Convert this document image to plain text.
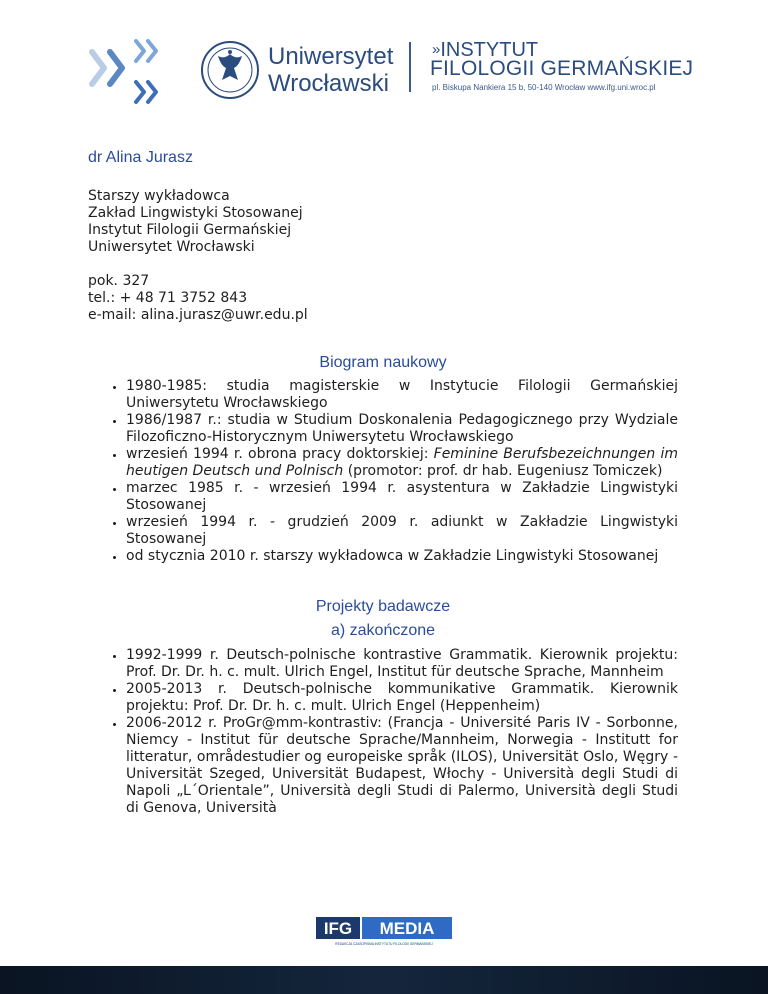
Uniwersytet
Wrocławski
»INSTYTUT
FILOLOGII GERMAŃSKIEJ
pl. Biskupa Nankiera 15 b, 50-140 Wrocław www.ifg.uni.wroc.pl
dr Alina Jurasz
Starszy wykładowca
Zakład Lingwistyki Stosowanej
Instytut Filologii Germańskiej
Uniwersytet Wrocławski
pok. 327
tel.: + 48 71 3752 843
e-mail: alina.jurasz@uwr.edu.pl
Biogram naukowy
• 1980-1985: studia magisterskie w Instytucie Filologii Germańskiej Uniwersytetu Wrocławskiego
• 1986/1987 r.: studia w Studium Doskonalenia Pedagogicznego przy Wydziale Filozoficzno-Historycznym Uniwersytetu Wrocławskiego
• wrzesień 1994 r. obrona pracy doktorskiej: Feminine Berufsbezeichnungen im heutigen Deutsch und Polnisch (promotor: prof. dr hab. Eugeniusz Tomiczek)
• marzec 1985 r. - wrzesień 1994 r. asystentura w Zakładzie Lingwistyki Stosowanej
• wrzesień 1994 r. - grudzień 2009 r. adiunkt w Zakładzie Lingwistyki Stosowanej
• od stycznia 2010 r. starszy wykładowca w Zakładzie Lingwistyki Stosowanej
Projekty badawcze
a) zakończone
• 1992-1999 r. Deutsch-polnische kontrastive Grammatik. Kierownik projektu: Prof. Dr. Dr. h. c. mult. Ulrich Engel, Institut für deutsche Sprache, Mannheim
• 2005-2013 r. Deutsch-polnische kommunikative Grammatik. Kierownik projektu: Prof. Dr. Dr. h. c. mult. Ulrich Engel (Heppenheim)
• 2006-2012 r. ProGr@mm-kontrastiv: (Francja - Université Paris IV - Sorbonne, Niemcy - Institut für deutsche Sprache/Mannheim, Norwegia - Institutt for litteratur, områdestudier og europeiske språk (ILOS), Universität Oslo, Węgry - Universität Szeged, Universität Budapest, Włochy - Università degli Studi di Napoli „L´Orientale”, Università degli Studi di Palermo, Università degli Studi di Genova, Università
IFG MEDIA
REDAKCJA CZASOPISMA INSTYTUTU FILOLOGII GERMAŃSKIEJ
